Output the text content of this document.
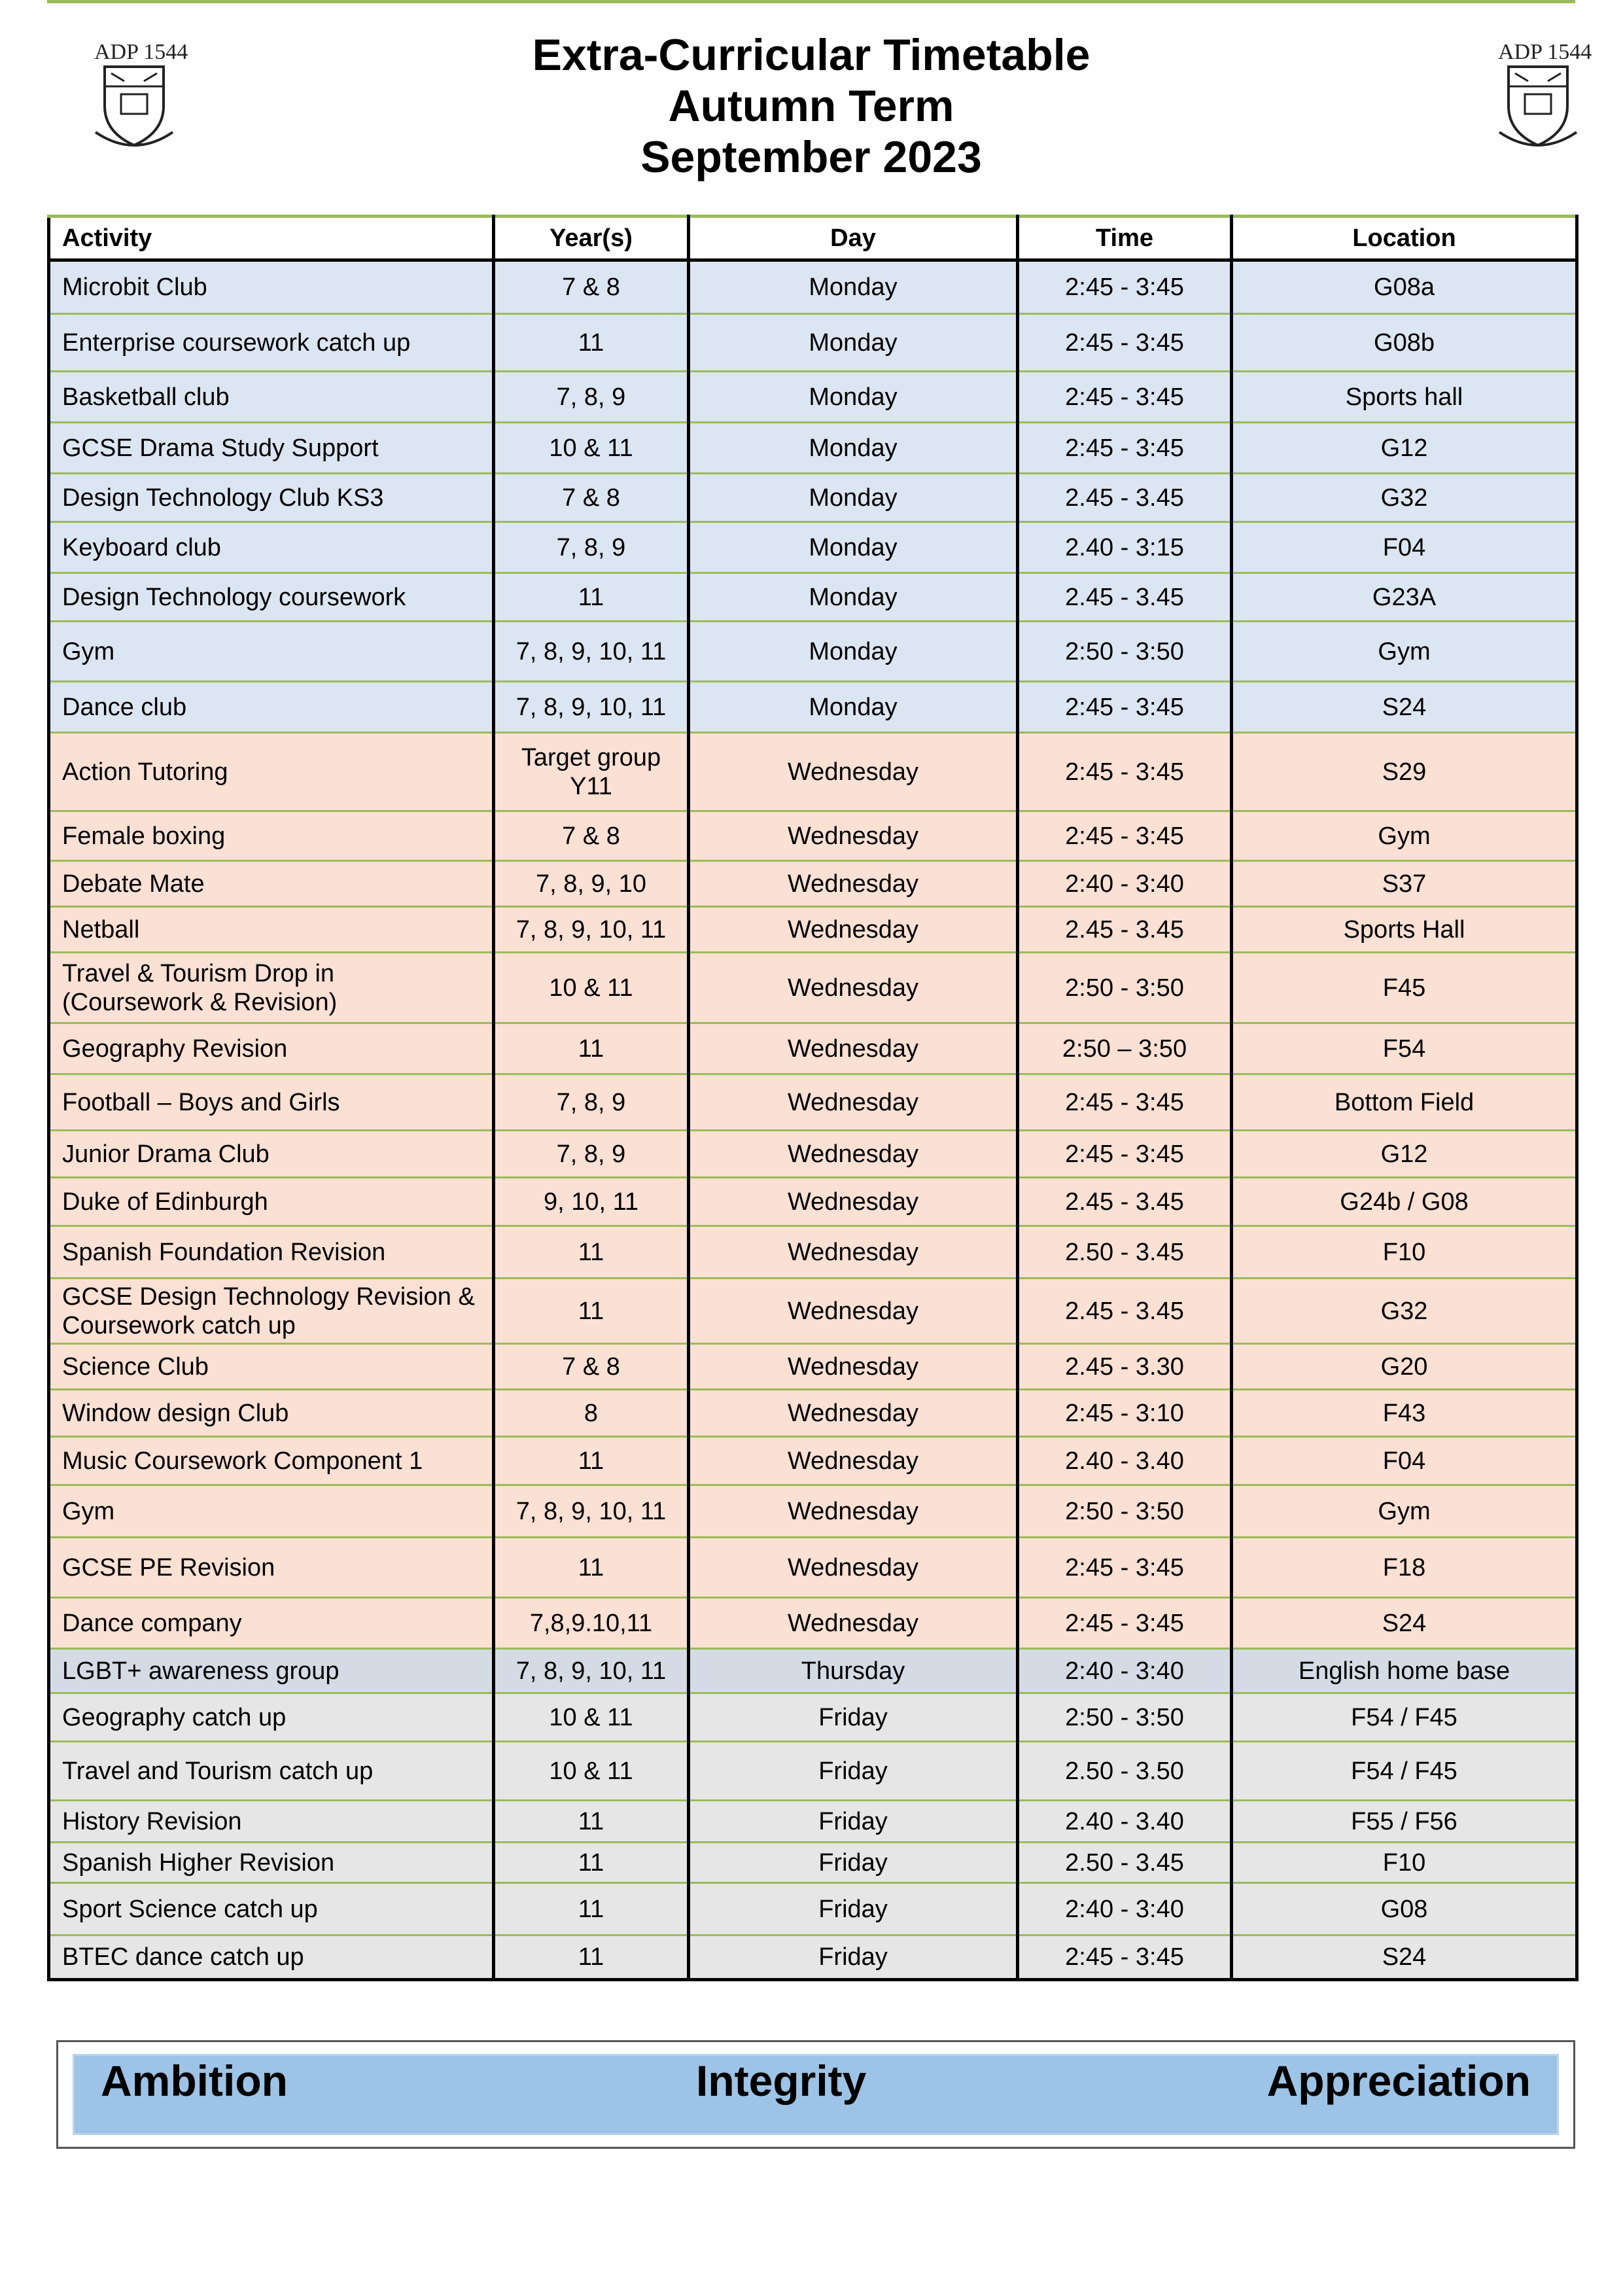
ADP 1544	ADP 1544
Extra-Curricular Timetable
Autumn Term
September 2023
Activity	Year(s)	Day	Time	Location
Microbit Club	7 & 8	Monday	2:45 - 3:45	G08a
Enterprise coursework catch up	11	Monday	2:45 - 3:45	G08b
Basketball club	7, 8, 9	Monday	2:45 - 3:45	Sports hall
GCSE Drama Study Support	10 & 11	Monday	2:45 - 3:45	G12
Design Technology Club KS3	7 & 8	Monday	2.45 - 3.45	G32
Keyboard club	7, 8, 9	Monday	2.40 - 3:15	F04
Design Technology coursework	11	Monday	2.45 - 3.45	G23A
Gym	7, 8, 9, 10, 11	Monday	2:50 - 3:50	Gym
Dance club	7, 8, 9, 10, 11	Monday	2:45 - 3:45	S24
Action Tutoring	Target group Y11	Wednesday	2:45 - 3:45	S29
Female boxing	7 & 8	Wednesday	2:45 - 3:45	Gym
Debate Mate	7, 8, 9, 10	Wednesday	2:40 - 3:40	S37
Netball	7, 8, 9, 10, 11	Wednesday	2.45 - 3.45	Sports Hall
Travel & Tourism Drop in (Coursework & Revision)	10 & 11	Wednesday	2:50 - 3:50	F45
Geography Revision	11	Wednesday	2:50 – 3:50	F54
Football – Boys and Girls	7, 8, 9	Wednesday	2:45 - 3:45	Bottom Field
Junior Drama Club	7, 8, 9	Wednesday	2:45 - 3:45	G12
Duke of Edinburgh	9, 10, 11	Wednesday	2.45 - 3.45	G24b / G08
Spanish Foundation Revision	11	Wednesday	2.50 - 3.45	F10
GCSE Design Technology Revision & Coursework catch up	11	Wednesday	2.45 - 3.45	G32
Science Club	7 & 8	Wednesday	2.45 - 3.30	G20
Window design Club	8	Wednesday	2:45 - 3:10	F43
Music Coursework Component 1	11	Wednesday	2.40 - 3.40	F04
Gym	7, 8, 9, 10, 11	Wednesday	2:50 - 3:50	Gym
GCSE PE Revision	11	Wednesday	2:45 - 3:45	F18
Dance company	7,8,9.10,11	Wednesday	2:45 - 3:45	S24
LGBT+ awareness group	7, 8, 9, 10, 11	Thursday	2:40 - 3:40	English home base
Geography catch up	10 & 11	Friday	2:50 - 3:50	F54 / F45
Travel and Tourism catch up	10 & 11	Friday	2.50 - 3.50	F54 / F45
History Revision	11	Friday	2.40 - 3.40	F55 / F56
Spanish Higher Revision	11	Friday	2.50 - 3.45	F10
Sport Science catch up	11	Friday	2:40 - 3:40	G08
BTEC dance catch up	11	Friday	2:45 - 3:45	S24
Ambition	Integrity	Appreciation
